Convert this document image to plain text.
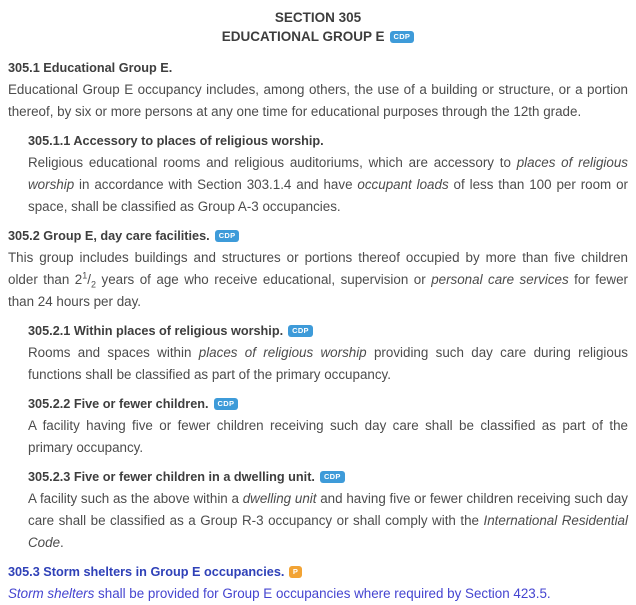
SECTION 305
EDUCATIONAL GROUP E CDP
305.1 Educational Group E.

Educational Group E occupancy includes, among others, the use of a building or structure, or a portion thereof, by six or more persons at any one time for educational purposes through the 12th grade.

305.1.1 Accessory to places of religious worship.

Religious educational rooms and religious auditoriums, which are accessory to places of religious worship in accordance with Section 303.1.4 and have occupant loads of less than 100 per room or space, shall be classified as Group A-3 occupancies.

305.2 Group E, day care facilities. CDP

This group includes buildings and structures or portions thereof occupied by more than five children older than $2^1/_2$ years of age who receive educational, supervision or personal care services for fewer than 24 hours per day.

305.2.1 Within places of religious worship. CDP

Rooms and spaces within places of religious worship providing such day care during religious functions shall be classified as part of the primary occupancy.

305.2.2 Five or fewer children. CDP

A facility having five or fewer children receiving such day care shall be classified as part of the primary occupancy.

305.2.3 Five or fewer children in a dwelling unit. CDP

A facility such as the above within a dwelling unit and having five or fewer children receiving such day care shall be classified as a Group R-3 occupancy or shall comply with the International Residential Code.

305.3 Storm shelters in Group E occupancies. P

Storm shelters shall be provided for Group E occupancies where required by Section 423.5.
